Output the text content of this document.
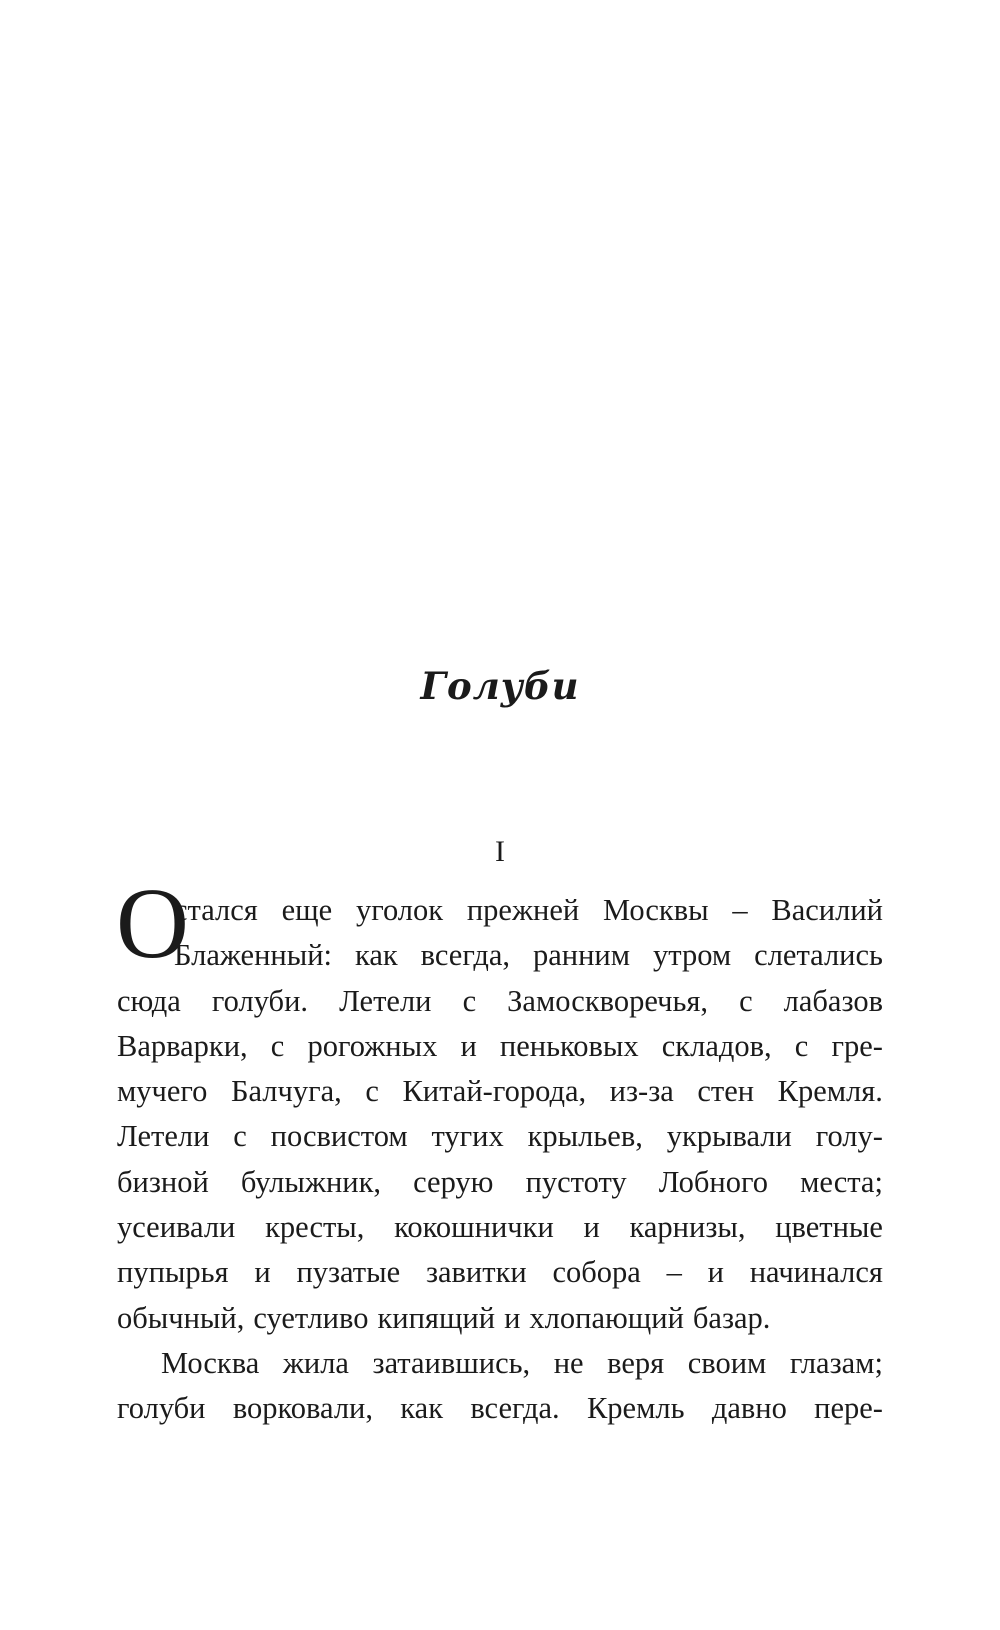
Голуби
I
О
стался еще уголок прежней Москвы – Василий
Блаженный: как всегда, ранним утром слетались
сюда голуби. Летели с Замоскворечья, с лабазов
Варварки, с рогожных и пеньковых складов, с гре-
мучего Балчуга, с Китай-города, из-за стен Кремля.
Летели с посвистом тугих крыльев, укрывали голу-
бизной булыжник, серую пустоту Лобного места;
усеивали кресты, кокошнички и карнизы, цветные
пупырья и пузатые завитки собора – и начинался
обычный, суетливо кипящий и хлопающий базар.
Москва жила затаившись, не веря своим глазам;
голуби ворковали, как всегда. Кремль давно пере-
